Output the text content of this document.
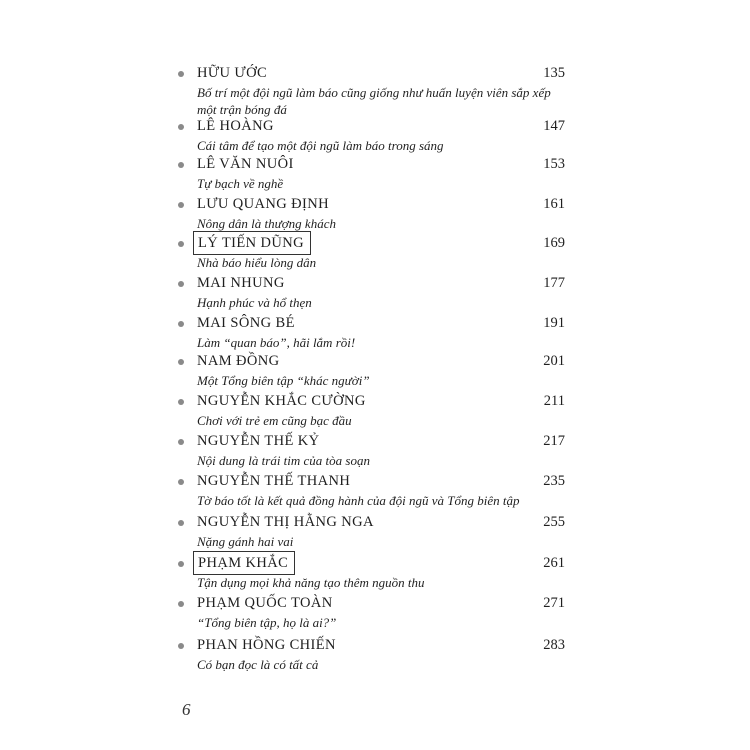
HỮU ƯỚC	135
Bố trí một đội ngũ làm báo cũng giống như huấn luyện viên sắp xếp một trận bóng đá
LÊ HOÀNG	147
Cái tâm để tạo một đội ngũ làm báo trong sáng
LÊ VĂN NUÔI	153
Tự bạch về nghề
LƯU QUANG ĐỊNH	161
Nông dân là thượng khách
LÝ TIẾN DŨNG	169
Nhà báo hiểu lòng dân
MAI NHUNG	177
Hạnh phúc và hổ thẹn
MAI SÔNG BÉ	191
Làm “quan báo”, hãi lắm rồi!
NAM ĐỒNG	201
Một Tổng biên tập “khác người”
NGUYỄN KHẮC CƯỜNG	211
Chơi với trẻ em cũng bạc đầu
NGUYỄN THẾ KỶ	217
Nội dung là trái tim của tòa soạn
NGUYỄN THẾ THANH	235
Tờ báo tốt là kết quả đồng hành của đội ngũ và Tổng biên tập
NGUYỄN THỊ HẰNG NGA	255
Nặng gánh hai vai
PHẠM KHẮC	261
Tận dụng mọi khả năng tạo thêm nguồn thu
PHẠM QUỐC TOÀN	271
“Tổng biên tập, họ là ai?”
PHAN HỒNG CHIẾN	283
Có bạn đọc là có tất cả
6
